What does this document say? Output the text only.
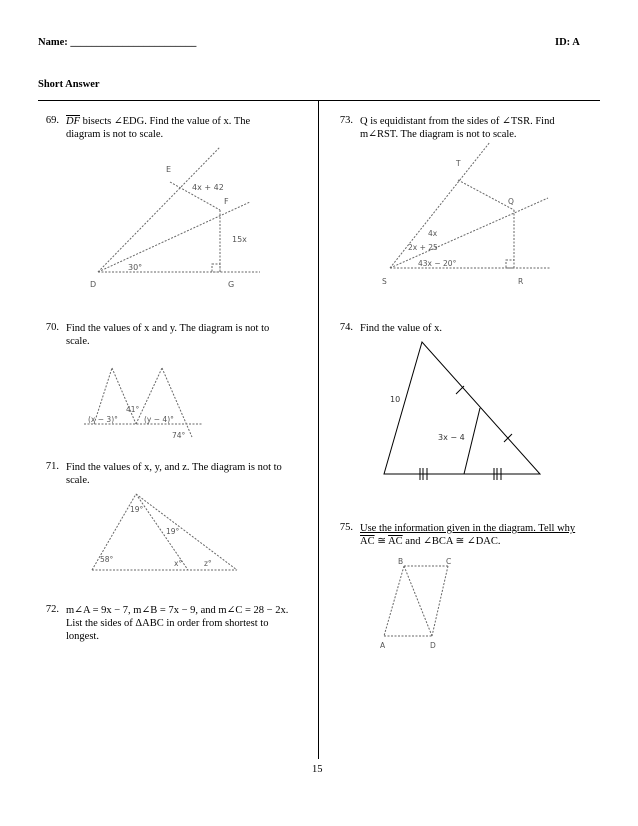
Name: ________________________	ID: A
Short Answer
69. $\overline{DF}$ bisects ∠EDG. Find the value of x. The
diagram is not to scale.
E
4x + 42
F
15x
30°
D	G
70. Find the values of x and y. The diagram is not to
scale.
41°
(x − 3)°	(y − 4)°
74°
71. Find the values of x, y, and z. The diagram is not to
scale.
19°
19°
58°	x°	z°
72. m∠A = 9x − 7, m∠B = 7x − 9, and m∠C = 28 − 2x.
List the sides of ΔABC in order from shortest to
longest.
73. Q is equidistant from the sides of ∠TSR. Find
m∠RST. The diagram is not to scale.
T
Q
4x
2x + 25
43x − 20°
S	R
74. Find the value of x.
10
3x − 4
75. Use the information given in the diagram. Tell why
$\overline{AC}$ ≅ $\overline{AC}$ and ∠BCA ≅ ∠DAC.
A
B	C
D
15
